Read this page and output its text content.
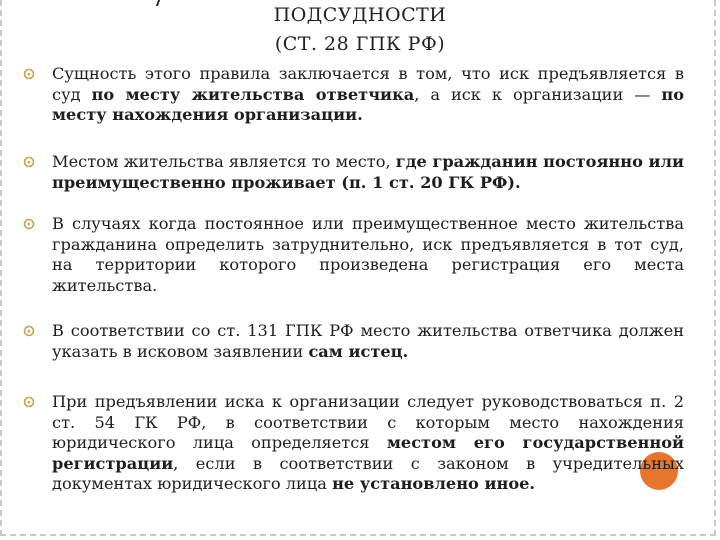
ПОДСУДНОСТИ
(СТ. 28 ГПК РФ)
Сущность этого правила заключается в том, что иск предъявляется в суд по месту жительства ответчика, а иск к организации — по месту нахождения организации.
Местом жительства является то место, где гражданин постоянно или преимущественно проживает (п. 1 ст. 20 ГК РФ).
В случаях когда постоянное или преимущественное место жительства гражданина определить затруднительно, иск предъявляется в тот суд, на территории которого произведена регистрация его места жительства.
В соответствии со ст. 131 ГПК РФ место жительства ответчика должен указать в исковом заявлении сам истец.
При предъявлении иска к организации следует руководствоваться п. 2 ст. 54 ГК РФ, в соответствии с которым место нахождения юридического лица определяется местом его государственной регистрации, если в соответствии с законом в учредительных документах юридического лица не установлено иное.
